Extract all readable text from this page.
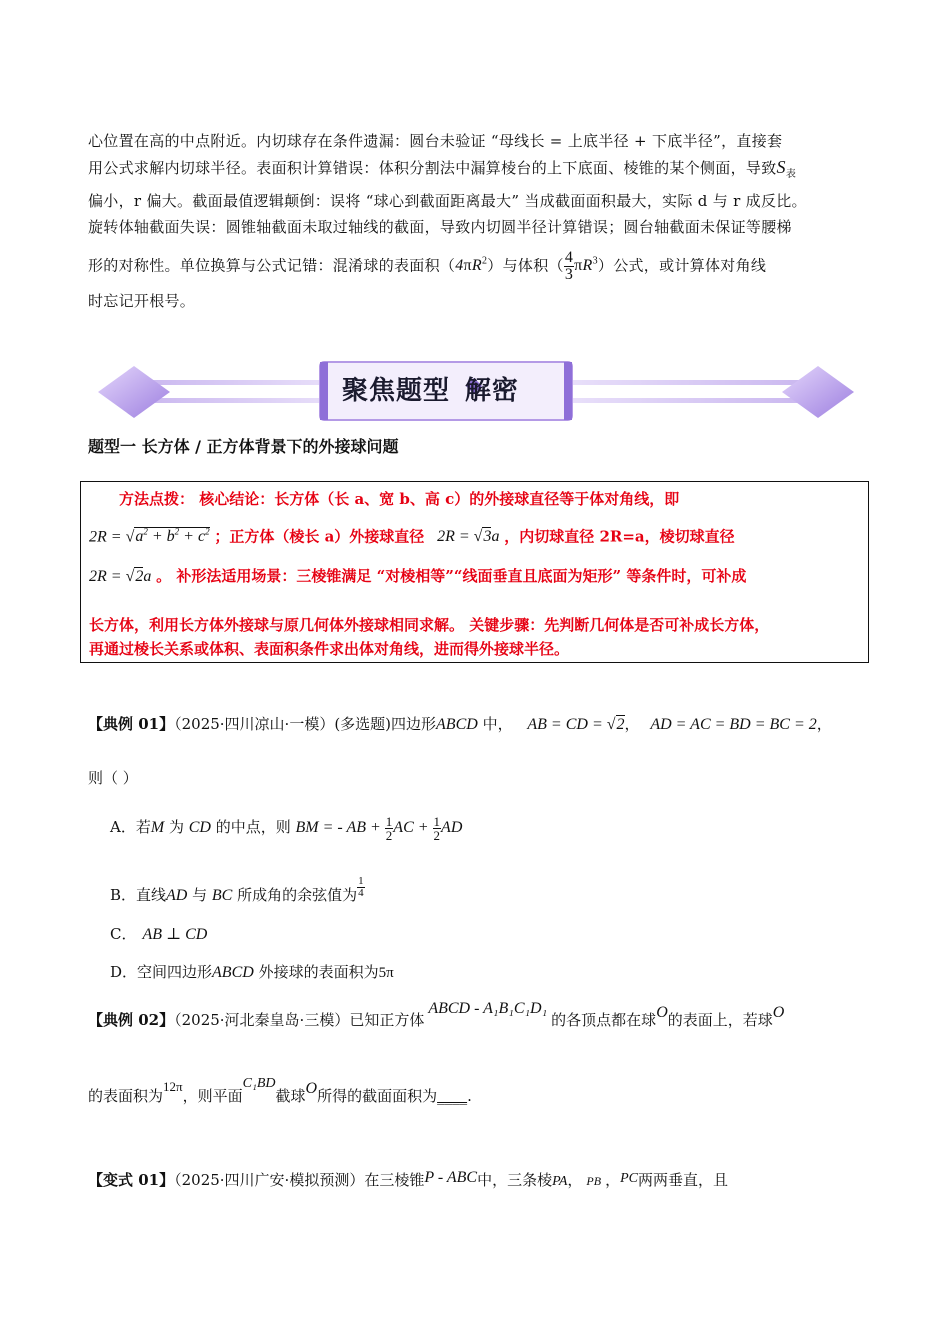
心位置在高的中点附近。内切球存在条件遗漏：圆台未验证 “母线长 = 上底半径 + 下底半径”，直接套
用公式求解内切球半径。表面积计算错误：体积分割法中漏算棱台的上下底面、棱锥的某个侧面，导致$S_表$
偏小，r 偏大。截面最值逻辑颠倒：误将 “球心到截面距离最大” 当成截面面积最大，实际 d 与 r 成反比。
旋转体轴截面失误：圆锥轴截面未取过轴线的截面，导致内切圆半径计算错误；圆台轴截面未保证等腰梯
形的对称性。单位换算与公式记错：混淆球的表面积$(4\pi R^2)$与体积（ $\frac{4}{3} \pi R^3$）公式，或计算体对角线
时忘记开根号。
聚焦题型 解密
题型一 长方体 / 正方体背景下的外接球问题
方法点拨： 核心结论：长方体（长 a、宽 b、高 c）的外接球直径等于体对角线，即
$2R = √a^2 + b^2 + c^2$ ；正方体（棱长 a）外接球直径 2R = √3a ，内切球直径 2R=a，棱切球直径
2R = √2a 。 补形法适用场景：三棱锥满足 “对棱相等”“线面垂直且底面为矩形” 等条件时，可补成
长方体，利用长方体外接球与原几何体外接球相同求解。 关键步骤：先判断几何体是否可补成长方体，
再通过棱长关系或体积、表面积条件求出体对角线，进而得外接球半径。
【典例 01】（2025·四川凉山·一模）(多选题)四边形ABCD 中， AB = CD = √2， AD = AC = BD = BC = 2，
则（ ）
A．若M 为 CD 的中点，则 BM = - AB + $\frac{1}{2}$ AC + $\frac{1}{2}$ AD
B．直线AD 与 BC 所成角的余弦值为 $\frac{1}{4}$
C． AB ⊥ CD
D．空间四边形ABCD 外接球的表面积为5π
【典例 02】（2025·河北秦皇岛·三模）已知正方体ABCD - A₁B₁C₁D₁的各顶点都在球O的表面上，若球O
的表面积为12π，则平面C₁BD截球O所得的截面面积为____.
【变式 01】（2025·四川广安·模拟预测）在三棱锥P - ABC中，三条棱PA， PB ，PC两两垂直，且
